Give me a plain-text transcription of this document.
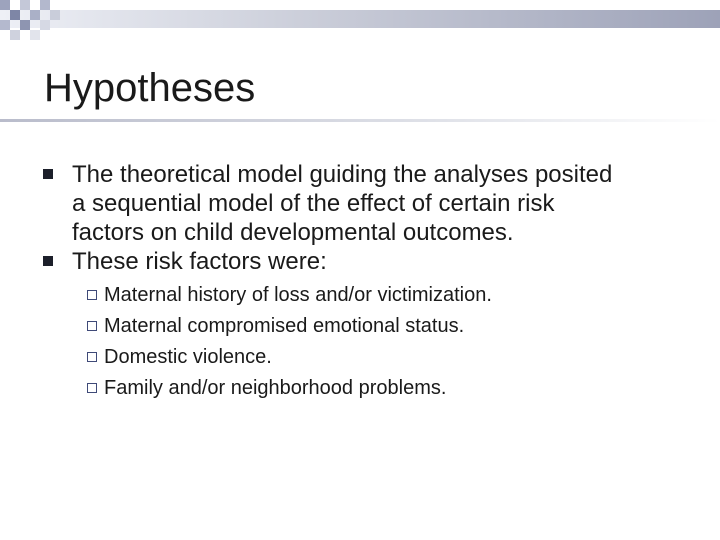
Hypotheses
The theoretical model guiding the analyses posited a sequential model of the effect of certain risk factors on child developmental outcomes.
These risk factors were:
Maternal history of loss and/or victimization.
Maternal compromised emotional status.
Domestic violence.
Family and/or neighborhood problems.
